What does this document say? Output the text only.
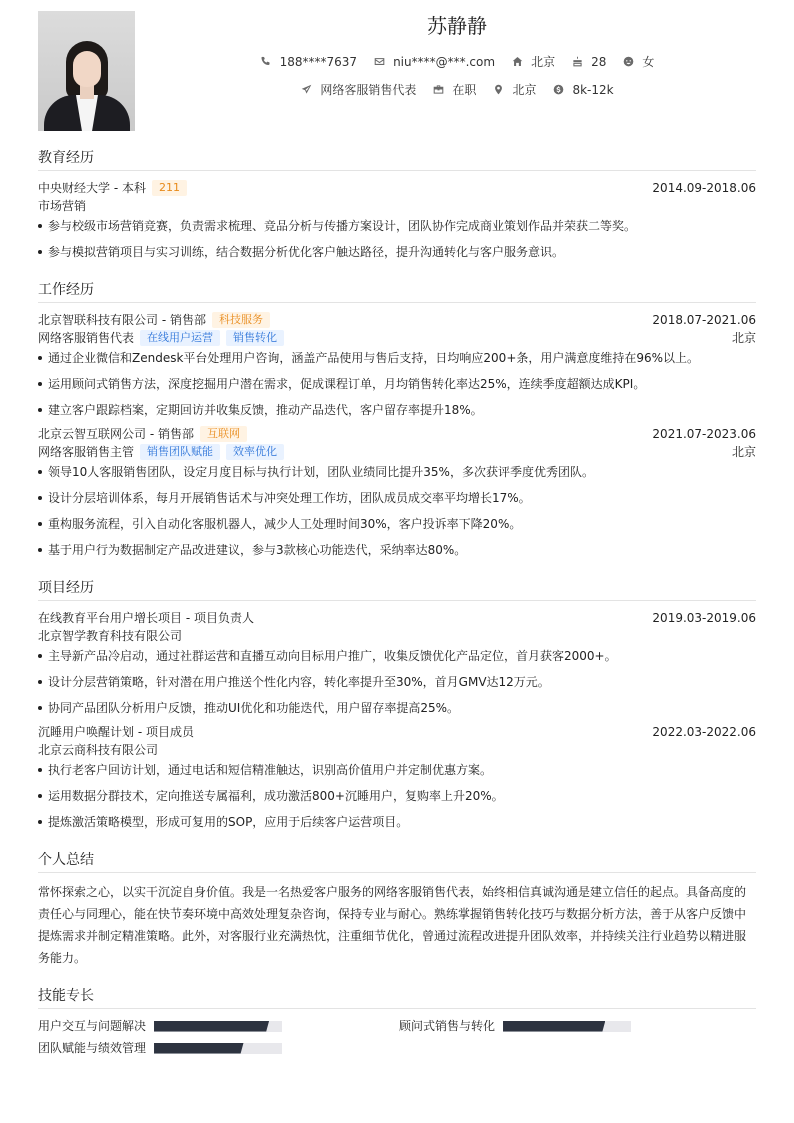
苏静静
188****7637	niu****@***.com	北京	28	女
网络客服销售代表	在职	北京	8k-12k
教育经历
中央财经大学 - 本科	211	2014.09-2018.06
市场营销
参与校级市场营销竞赛，负责需求梳理、竞品分析与传播方案设计，团队协作完成商业策划作品并荣获二等奖。
参与模拟营销项目与实习训练，结合数据分析优化客户触达路径，提升沟通转化与客户服务意识。
工作经历
北京智联科技有限公司 - 销售部	科技服务	2018.07-2021.06
网络客服销售代表	在线用户运营	销售转化	北京
通过企业微信和Zendesk平台处理用户咨询，涵盖产品使用与售后支持，日均响应200+条，用户满意度维持在96%以上。
运用顾问式销售方法，深度挖掘用户潜在需求，促成课程订单，月均销售转化率达25%，连续季度超额达成KPI。
建立客户跟踪档案，定期回访并收集反馈，推动产品迭代，客户留存率提升18%。
北京云智互联网公司 - 销售部	互联网	2021.07-2023.06
网络客服销售主管	销售团队赋能	效率优化	北京
领导10人客服销售团队，设定月度目标与执行计划，团队业绩同比提升35%，多次获评季度优秀团队。
设计分层培训体系，每月开展销售话术与冲突处理工作坊，团队成员成交率平均增长17%。
重构服务流程，引入自动化客服机器人，减少人工处理时间30%，客户投诉率下降20%。
基于用户行为数据制定产品改进建议，参与3款核心功能迭代，采纳率达80%。
项目经历
在线教育平台用户增长项目 - 项目负责人	2019.03-2019.06
北京智学教育科技有限公司
主导新产品冷启动，通过社群运营和直播互动向目标用户推广，收集反馈优化产品定位，首月获客2000+。
设计分层营销策略，针对潜在用户推送个性化内容，转化率提升至30%，首月GMV达12万元。
协同产品团队分析用户反馈，推动UI优化和功能迭代，用户留存率提高25%。
沉睡用户唤醒计划 - 项目成员	2022.03-2022.06
北京云商科技有限公司
执行老客户回访计划，通过电话和短信精准触达，识别高价值用户并定制优惠方案。
运用数据分群技术，定向推送专属福利，成功激活800+沉睡用户，复购率上升20%。
提炼激活策略模型，形成可复用的SOP，应用于后续客户运营项目。
个人总结
常怀探索之心，以实干沉淀自身价值。我是一名热爱客户服务的网络客服销售代表，始终相信真诚沟通是建立信任的起点。具备高度的责任心与同理心，能在快节奏环境中高效处理复杂咨询，保持专业与耐心。熟练掌握销售转化技巧与数据分析方法，善于从客户反馈中提炼需求并制定精准策略。此外，对客服行业充满热忱，注重细节优化，曾通过流程改进提升团队效率，并持续关注行业趋势以精进服务能力。
技能专长
用户交互与问题解决	顾问式销售与转化
团队赋能与绩效管理
